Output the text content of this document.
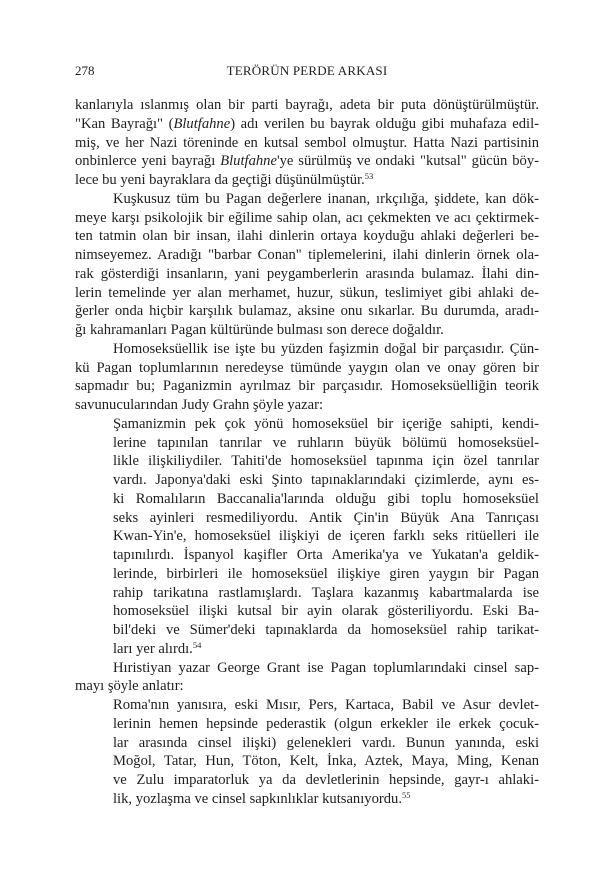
278	TERÖRÜN PERDE ARKASI
kanlarıyla ıslanmış olan bir parti bayrağı, adeta bir puta dönüştürülmüştür.
"Kan Bayrağı" (Blutfahne) adı verilen bu bayrak olduğu gibi muhafaza edil-
miş, ve her Nazi töreninde en kutsal sembol olmuştur. Hatta Nazi partisinin
onbinlerce yeni bayrağı Blutfahne'ye sürülmüş ve ondaki "kutsal" gücün böy-
lece bu yeni bayraklara da geçtiği düşünülmüştür.$^{53}$
Kuşkusuz tüm bu Pagan değerlere inanan, ırkçılığa, şiddete, kan dök-
meye karşı psikolojik bir eğilime sahip olan, acı çekmekten ve acı çektirmek-
ten tatmin olan bir insan, ilahi dinlerin ortaya koyduğu ahlaki değerleri be-
nimseyemez. Aradığı "barbar Conan" tiplemelerini, ilahi dinlerin örnek ola-
rak gösterdiği insanların, yani peygamberlerin arasında bulamaz. İlahi din-
lerin temelinde yer alan merhamet, huzur, sükun, teslimiyet gibi ahlaki de-
ğerler onda hiçbir karşılık bulamaz, aksine onu sıkarlar. Bu durumda, aradı-
ğı kahramanları Pagan kültüründe bulması son derece doğaldır.
Homoseksüellik ise işte bu yüzden faşizmin doğal bir parçasıdır. Çün-
kü Pagan toplumlarının neredeyse tümünde yaygın olan ve onay gören bir
sapmadır bu; Paganizmin ayrılmaz bir parçasıdır. Homoseksüelliğin teorik
savunucularından Judy Grahn şöyle yazar:
Şamanizmin pek çok yönü homoseksüel bir içeriğe sahipti, kendi-
lerine tapınılan tanrılar ve ruhların büyük bölümü homoseksüel-
likle ilişkiliydiler. Tahiti'de homoseksüel tapınma için özel tanrılar
vardı. Japonya'daki eski Şinto tapınaklarındaki çizimlerde, aynı es-
ki Romalıların Baccanalia'larında olduğu gibi toplu homoseksüel
seks ayinleri resmediliyordu. Antik Çin'in Büyük Ana Tanrıçası
Kwan-Yin'e, homoseksüel ilişkiyi de içeren farklı seks ritüelleri ile
tapınılırdı. İspanyol kaşifler Orta Amerika'ya ve Yukatan'a geldik-
lerinde, birbirleri ile homoseksüel ilişkiye giren yaygın bir Pagan
rahip tarikatına rastlamışlardı. Taşlara kazanmış kabartmalarda ise
homoseksüel ilişki kutsal bir ayin olarak gösteriliyordu. Eski Ba-
bil'deki ve Sümer'deki tapınaklarda da homoseksüel rahip tarikat-
ları yer alırdı.$^{54}$
Hıristiyan yazar George Grant ise Pagan toplumlarındaki cinsel sap-
mayı şöyle anlatır:
Roma'nın yanısıra, eski Mısır, Pers, Kartaca, Babil ve Asur devlet-
lerinin hemen hepsinde pederastik (olgun erkekler ile erkek çocuk-
lar arasında cinsel ilişki) gelenekleri vardı. Bunun yanında, eski
Moğol, Tatar, Hun, Töton, Kelt, İnka, Aztek, Maya, Ming, Kenan
ve Zulu imparatorluk ya da devletlerinin hepsinde, gayr-ı ahlaki-
lik, yozlaşma ve cinsel sapkınlıklar kutsanıyordu.$^{55}$
